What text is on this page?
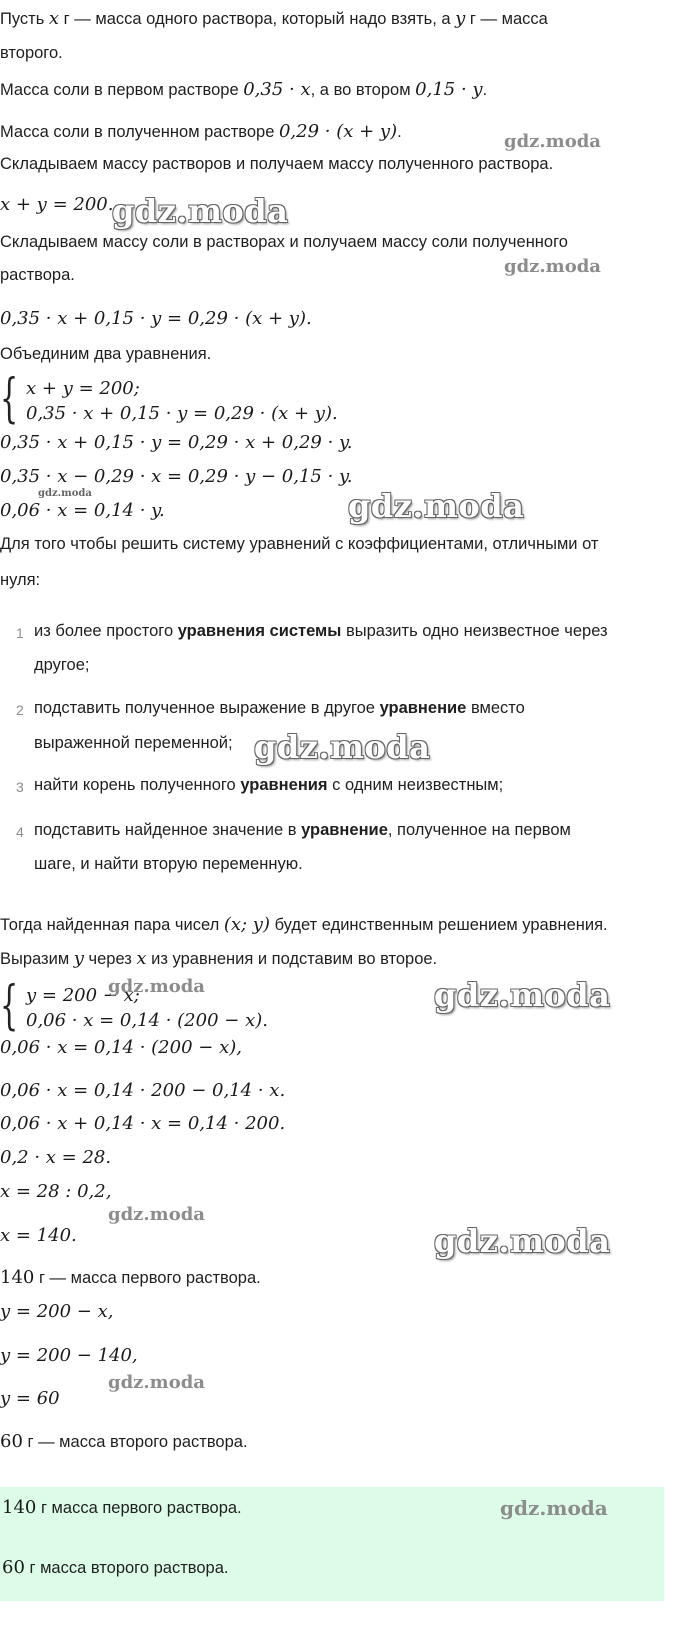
Пусть x г — масса одного раствора, который надо взять, а y г — масса
второго.
Масса соли в первом растворе 0,35 · x, а во втором 0,15 · y.
Масса соли в полученном растворе 0,29 · (x + y).
Складываем массу растворов и получаем массу полученного раствора.
x + y = 200.
Складываем массу соли в растворах и получаем массу соли полученного
раствора.
0,35 · x + 0,15 · y = 0,29 · (x + y).
Объединим два уравнения.
{ x + y = 200;
0,35 · x + 0,15 · y = 0,29 · (x + y).
0,35 · x + 0,15 · y = 0,29 · x + 0,29 · y.
0,35 · x − 0,29 · x = 0,29 · y − 0,15 · y.
0,06 · x = 0,14 · y.
Для того чтобы решить систему уравнений с коэффициентами, отличными от
нуля:
1 из более простого уравнения системы выразить одно неизвестное через
другое;
2 подставить полученное выражение в другое уравнение вместо
выраженной переменной;
3 найти корень полученного уравнения с одним неизвестным;
4 подставить найденное значение в уравнение, полученное на первом
шаге, и найти вторую переменную.
Тогда найденная пара чисел (x; y) будет единственным решением уравнения.
Выразим y через x из уравнения и подставим во второе.
{ y = 200 − x;
0,06 · x = 0,14 · (200 − x).
0,06 · x = 0,14 · (200 − x),
0,06 · x = 0,14 · 200 − 0,14 · x.
0,06 · x + 0,14 · x = 0,14 · 200.
0,2 · x = 28.
x = 28 : 0,2,
x = 140.
140 г — масса первого раствора.
y = 200 − x,
y = 200 − 140,
y = 60
60 г — масса второго раствора.
140 г масса первого раствора.
60 г масса второго раствора.
gdz.moda
gdz.moda
gdz.moda
gdz.moda	gdz.moda
gdz.moda
gdz.moda	gdz.moda
gdz.moda
gdz.moda
gdz.moda
gdz.moda
